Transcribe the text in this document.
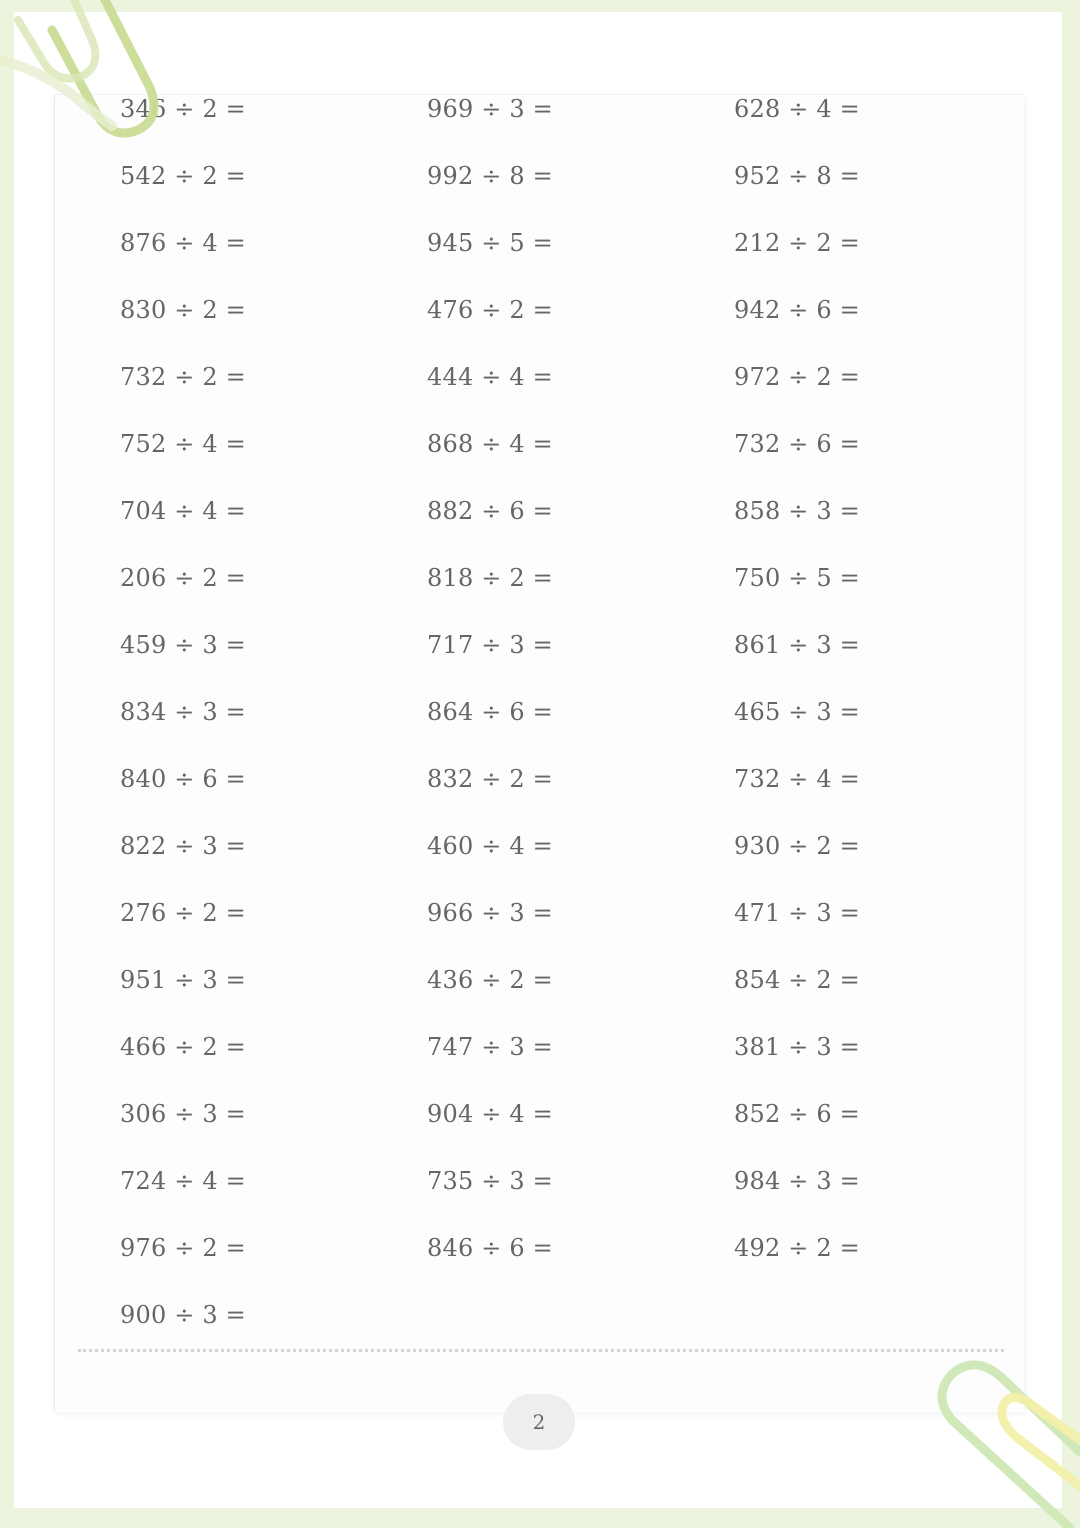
346 ÷ 2 =	969 ÷ 3 =	628 ÷ 4 =
542 ÷ 2 =	992 ÷ 8 =	952 ÷ 8 =
876 ÷ 4 =	945 ÷ 5 =	212 ÷ 2 =
830 ÷ 2 =	476 ÷ 2 =	942 ÷ 6 =
732 ÷ 2 =	444 ÷ 4 =	972 ÷ 2 =
752 ÷ 4 =	868 ÷ 4 =	732 ÷ 6 =
704 ÷ 4 =	882 ÷ 6 =	858 ÷ 3 =
206 ÷ 2 =	818 ÷ 2 =	750 ÷ 5 =
459 ÷ 3 =	717 ÷ 3 =	861 ÷ 3 =
834 ÷ 3 =	864 ÷ 6 =	465 ÷ 3 =
840 ÷ 6 =	832 ÷ 2 =	732 ÷ 4 =
822 ÷ 3 =	460 ÷ 4 =	930 ÷ 2 =
276 ÷ 2 =	966 ÷ 3 =	471 ÷ 3 =
951 ÷ 3 =	436 ÷ 2 =	854 ÷ 2 =
466 ÷ 2 =	747 ÷ 3 =	381 ÷ 3 =
306 ÷ 3 =	904 ÷ 4 =	852 ÷ 6 =
724 ÷ 4 =	735 ÷ 3 =	984 ÷ 3 =
976 ÷ 2 =	846 ÷ 6 =	492 ÷ 2 =
900 ÷ 3 =
2
